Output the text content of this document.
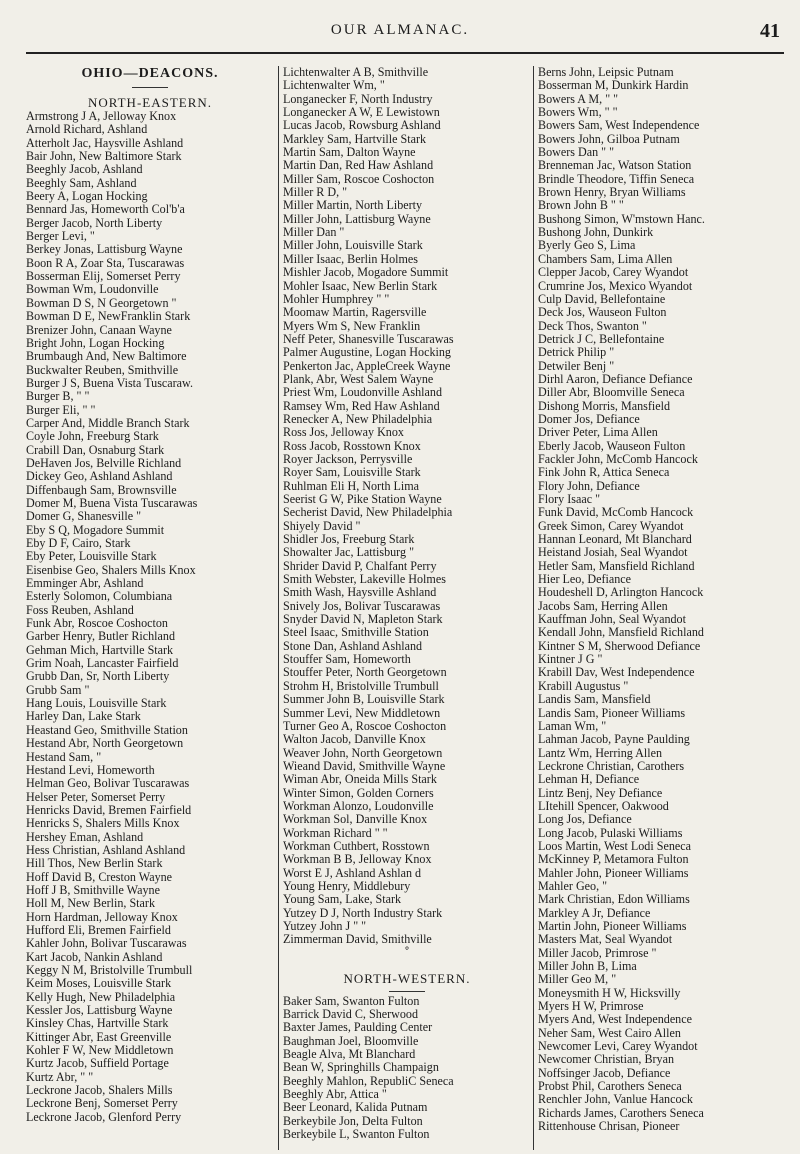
OUR ALMANAC.	41
OHIO—DEACONS.
NORTH-EASTERN.
Armstrong J A, Jelloway Knox
Arnold Richard, Ashland
Atterholt Jac, Haysville Ashland
Bair John, New Baltimore Stark
Beeghly Jacob, Ashland
Beeghly Sam, Ashland
Beery A, Logan Hocking
Bennard Jas, Homeworth Col'b'a
Berger Jacob, North Liberty
Berger Levi, "
Berkey Jonas, Lattisburg Wayne
Boon R A, Zoar Sta, Tuscarawas
Bosserman Elij, Somerset Perry
Bowman Wm, Loudonville
Bowman D S, N Georgetown "
Bowman D E, NewFranklin Stark
Brenizer John, Canaan Wayne
Bright John, Logan Hocking
Brumbaugh And, New Baltimore
Buckwalter Reuben, Smithville
Burger J S, Buena Vista Tuscaraw.
Burger B, " "
Burger Eli, " "
Carper And, Middle Branch Stark
Coyle John, Freeburg Stark
Crabill Dan, Osnaburg Stark
DeHaven Jos, Belville Richland
Dickey Geo, Ashland Ashland
Diffenbaugh Sam, Brownsville
Domer M, Buena Vista Tuscarawas
Domer G, Shanesville "
Eby S Q, Mogadore Summit
Eby D F, Cairo, Stark
Eby Peter, Louisville Stark
Eisenbise Geo, Shalers Mills Knox
Emminger Abr, Ashland
Esterly Solomon, Columbiana
Foss Reuben, Ashland
Funk Abr, Roscoe Coshocton
Garber Henry, Butler Richland
Gehman Mich, Hartville Stark
Grim Noah, Lancaster Fairfield
Grubb Dan, Sr, North Liberty
Grubb Sam "
Hang Louis, Louisville Stark
Harley Dan, Lake Stark
Heastand Geo, Smithville Station
Hestand Abr, North Georgetown
Hestand Sam, "
Hestand Levi, Homeworth
Helman Geo, Bolivar Tuscarawas
Helser Peter, Somerset Perry
Henricks David, Bremen Fairfield
Henricks S, Shalers Mills Knox
Hershey Eman, Ashland
Hess Christian, Ashland Ashland
Hill Thos, New Berlin Stark
Hoff David B, Creston Wayne
Hoff J B, Smithville Wayne
Holl M, New Berlin, Stark
Horn Hardman, Jelloway Knox
Hufford Eli, Bremen Fairfield
Kahler John, Bolivar Tuscarawas
Kart Jacob, Nankin Ashland
Keggy N M, Bristolville Trumbull
Keim Moses, Louisville Stark
Kelly Hugh, New Philadelphia
Kessler Jos, Lattisburg Wayne
Kinsley Chas, Hartville Stark
Kittinger Abr, East Greenville
Kohler F W, New Middletown
Kurtz Jacob, Suffield Portage
Kurtz Abr, " "
Leckrone Jacob, Shalers Mills
Leckrone Benj, Somerset Perry
Leckrone Jacob, Glenford Perry
Lichtenwalter A B, Smithville
Lichtenwalter Wm, "
Longanecker F, North Industry
Longanecker A W, E Lewistown
Lucas Jacob, Rowsburg Ashland
Markley Sam, Hartville Stark
Martin Sam, Dalton Wayne
Martin Dan, Red Haw Ashland
Miller Sam, Roscoe Coshocton
Miller R D, "
Miller Martin, North Liberty
Miller John, Lattisburg Wayne
Miller Dan "
Miller John, Louisville Stark
Miller Isaac, Berlin Holmes
Mishler Jacob, Mogadore Summit
Mohler Isaac, New Berlin Stark
Mohler Humphrey " "
Moomaw Martin, Ragersville
Myers Wm S, New Franklin
Neff Peter, Shanesville Tuscarawas
Palmer Augustine, Logan Hocking
Penkerton Jac, AppleCreek Wayne
Plank, Abr, West Salem Wayne
Priest Wm, Loudonville Ashland
Ramsey Wm, Red Haw Ashland
Renecker A, New Philadelphia
Ross Jos, Jelloway Knox
Ross Jacob, Rosstown Knox
Royer Jackson, Perrysville
Royer Sam, Louisville Stark
Ruhlman Eli H, North Lima
Seerist G W, Pike Station Wayne
Secherist David, New Philadelphia
Shiyely David "
Shidler Jos, Freeburg Stark
Showalter Jac, Lattisburg "
Shrider David P, Chalfant Perry
Smith Webster, Lakeville Holmes
Smith Wash, Haysville Ashland
Snively Jos, Bolivar Tuscarawas
Snyder David N, Mapleton Stark
Steel Isaac, Smithville Station
Stone Dan, Ashland Ashland
Stouffer Sam, Homeworth
Stouffer Peter, North Georgetown
Strohm H, Bristolville Trumbull
Summer John B, Louisville Stark
Summer Levi, New Middletown
Turner Geo A, Roscoe Coshocton
Walton Jacob, Danville Knox
Weaver John, North Georgetown
Wieand David, Smithville Wayne
Wiman Abr, Oneida Mills Stark
Winter Simon, Golden Corners
Workman Alonzo, Loudonville
Workman Sol, Danville Knox
Workman Richard " "
Workman Cuthbert, Rosstown
Workman B B, Jelloway Knox
Worst E J, Ashland Ashlan d
Young Henry, Middlebury
Young Sam, Lake, Stark
Yutzey D J, North Industry Stark
Yutzey John J " "
Zimmerman David, Smithville
°
NORTH-WESTERN.
Baker Sam, Swanton Fulton
Barrick David C, Sherwood
Baxter James, Paulding Center
Baughman Joel, Bloomville
Beagle Alva, Mt Blanchard
Bean W, Springhills Champaign
Beeghly Mahlon, RepubliC Seneca
Beeghly Abr, Attica "
Beer Leonard, Kalida Putnam
Berkeybile Jon, Delta Fulton
Berkeybile L, Swanton Fulton
Berns John, Leipsic Putnam
Bosserman M, Dunkirk Hardin
Bowers A M, " "
Bowers Wm, " "
Bowers Sam, West Independence
Bowers John, Gilboa Putnam
Bowers Dan " "
Brenneman Jac, Watson Station
Brindle Theodore, Tiffin Seneca
Brown Henry, Bryan Williams
Brown John B " "
Bushong Simon, W'mstown Hanc.
Bushong John, Dunkirk
Byerly Geo S, Lima
Chambers Sam, Lima Allen
Clepper Jacob, Carey Wyandot
Crumrine Jos, Mexico Wyandot
Culp David, Bellefontaine
Deck Jos, Wauseon Fulton
Deck Thos, Swanton "
Detrick J C, Bellefontaine
Detrick Philip "
Detwiler Benj "
Dirhl Aaron, Defiance Defiance
Diller Abr, Bloomville Seneca
Dishong Morris, Mansfield
Domer Jos, Defiance
Driver Peter, Lima Allen
Eberly Jacob, Wauseon Fulton
Fackler John, McComb Hancock
Fink John R, Attica Seneca
Flory John, Defiance
Flory Isaac "
Funk David, McComb Hancock
Greek Simon, Carey Wyandot
Hannan Leonard, Mt Blanchard
Heistand Josiah, Seal Wyandot
Hetler Sam, Mansfield Richland
Hier Leo, Defiance
Houdeshell D, Arlington Hancock
Jacobs Sam, Herring Allen
Kauffman John, Seal Wyandot
Kendall John, Mansfield Richland
Kintner S M, Sherwood Defiance
Kintner J G "
Krabill Dav, West Independence
Krabill Augustus "
Landis Sam, Mansfield
Landis Sam, Pioneer Williams
Laman Wm, "
Lahman Jacob, Payne Paulding
Lantz Wm, Herring Allen
Leckrone Christian, Carothers
Lehman H, Defiance
Lintz Benj, Ney Defiance
LItehill Spencer, Oakwood
Long Jos, Defiance
Long Jacob, Pulaski Williams
Loos Martin, West Lodi Seneca
McKinney P, Metamora Fulton
Mahler John, Pioneer Williams
Mahler Geo, "
Mark Christian, Edon Williams
Markley A Jr, Defiance
Martin John, Pioneer Williams
Masters Mat, Seal Wyandot
Miller Jacob, Primrose "
Miller John B, Lima
Miller Geo M, "
Moneysmith H W, Hicksvilly
Myers H W, Primrose
Myers And, West Independence
Neher Sam, West Cairo Allen
Newcomer Levi, Carey Wyandot
Newcomer Christian, Bryan
Noffsinger Jacob, Defiance
Probst Phil, Carothers Seneca
Renchler John, Vanlue Hancock
Richards James, Carothers Seneca
Rittenhouse Chrisan, Pioneer
